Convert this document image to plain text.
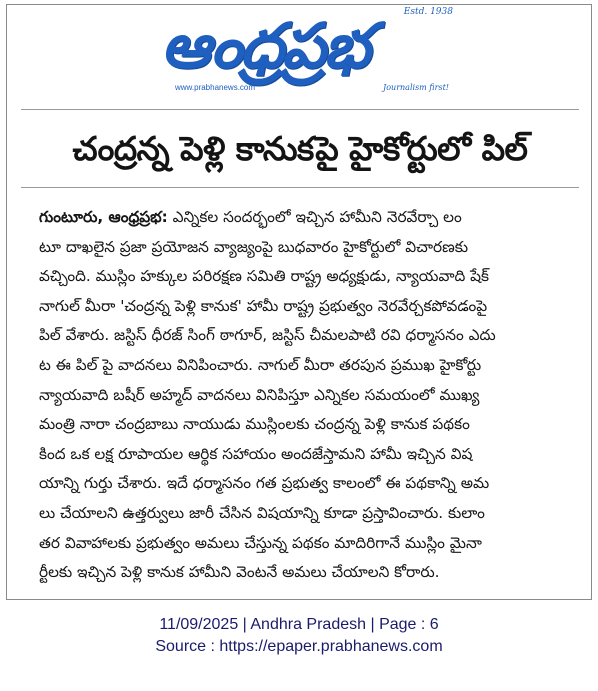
ఆంధ్రప్రభ	Estd. 1938
www.prabhanews.com	Journalism first!
చంద్రన్న పెళ్లి కానుకపై హైకోర్టులో పిల్
గుంటూరు, ఆంధ్రప్రభ: ఎన్నికల సందర్భంలో ఇచ్చిన హామీని నెరవేర్చా లం
టూ దాఖలైన ప్రజా ప్రయోజన వ్యాజ్యంపై బుధవారం హైకోర్టులో విచారణకు
వచ్చింది. ముస్లిం హక్కుల పరిరక్షణ సమితి రాష్ట్ర అధ్యక్షుడు, న్యాయవాది షేక్
నాగుల్ మీరా 'చంద్రన్న పెళ్లి కానుక' హామీ రాష్ట్ర ప్రభుత్వం నెరవేర్చకపోవడంపై
పిల్ వేశారు. జస్టిస్ ధీరజ్ సింగ్ ఠాగూర్, జస్టిస్ చీమలపాటి రవి ధర్మాసనం ఎదు
ట ఈ పిల్ పై వాదనలు వినిపించారు. నాగుల్ మీరా తరపున ప్రముఖ హైకోర్టు
న్యాయవాది బషీర్ అహ్మద్ వాదనలు వినిపిస్తూ ఎన్నికల సమయంలో ముఖ్య
మంత్రి నారా చంద్రబాబు నాయుడు ముస్లింలకు చంద్రన్న పెళ్లి కానుక పథకం
కింద ఒక లక్ష రూపాయల ఆర్థిక సహాయం అందజేస్తామని హామీ ఇచ్చిన విష
యాన్ని గుర్తు చేశారు. ఇదే ధర్మాసనం గత ప్రభుత్వ కాలంలో ఈ పథకాన్ని అమ
లు చేయాలని ఉత్తర్వులు జారీ చేసిన విషయాన్ని కూడా ప్రస్తావించారు. కులాం
తర వివాహాలకు ప్రభుత్వం అమలు చేస్తున్న పథకం మాదిరిగానే ముస్లిం మైనా
ర్టీలకు ఇచ్చిన పెళ్లి కానుక హామీని వెంటనే అమలు చేయాలని కోరారు.
11/09/2025 | Andhra Pradesh | Page : 6
Source : https://epaper.prabhanews.com
